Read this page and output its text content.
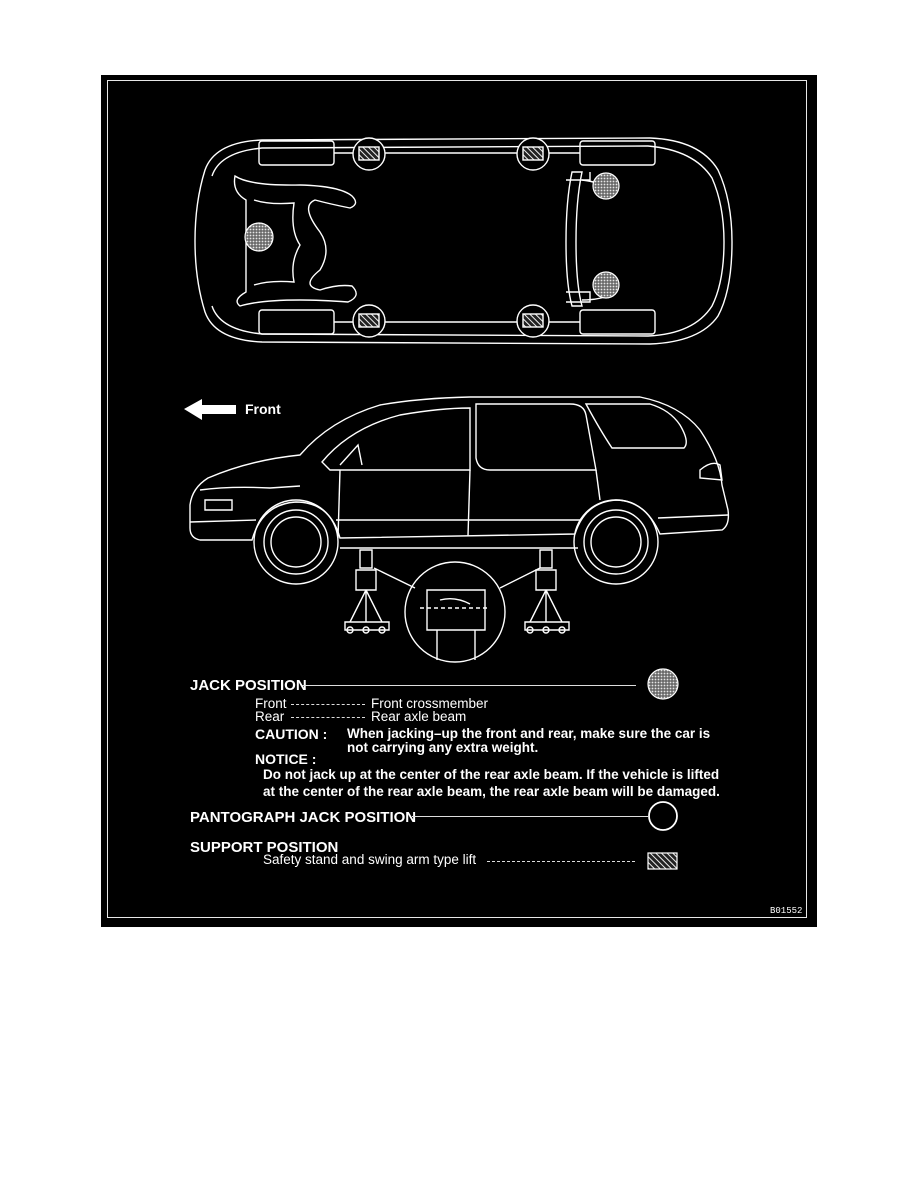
Front
JACK POSITION
Front	Front crossmember
Rear	Rear axle beam
CAUTION : When jacking–up the front and rear, make sure the car is
not carrying any extra weight.
NOTICE :
Do not jack up at the center of the rear axle beam. If the vehicle is lifted
at the center of the rear axle beam, the rear axle beam will be damaged.
PANTOGRAPH JACK POSITION
SUPPORT POSITION
Safety stand and swing arm type lift
B01552
